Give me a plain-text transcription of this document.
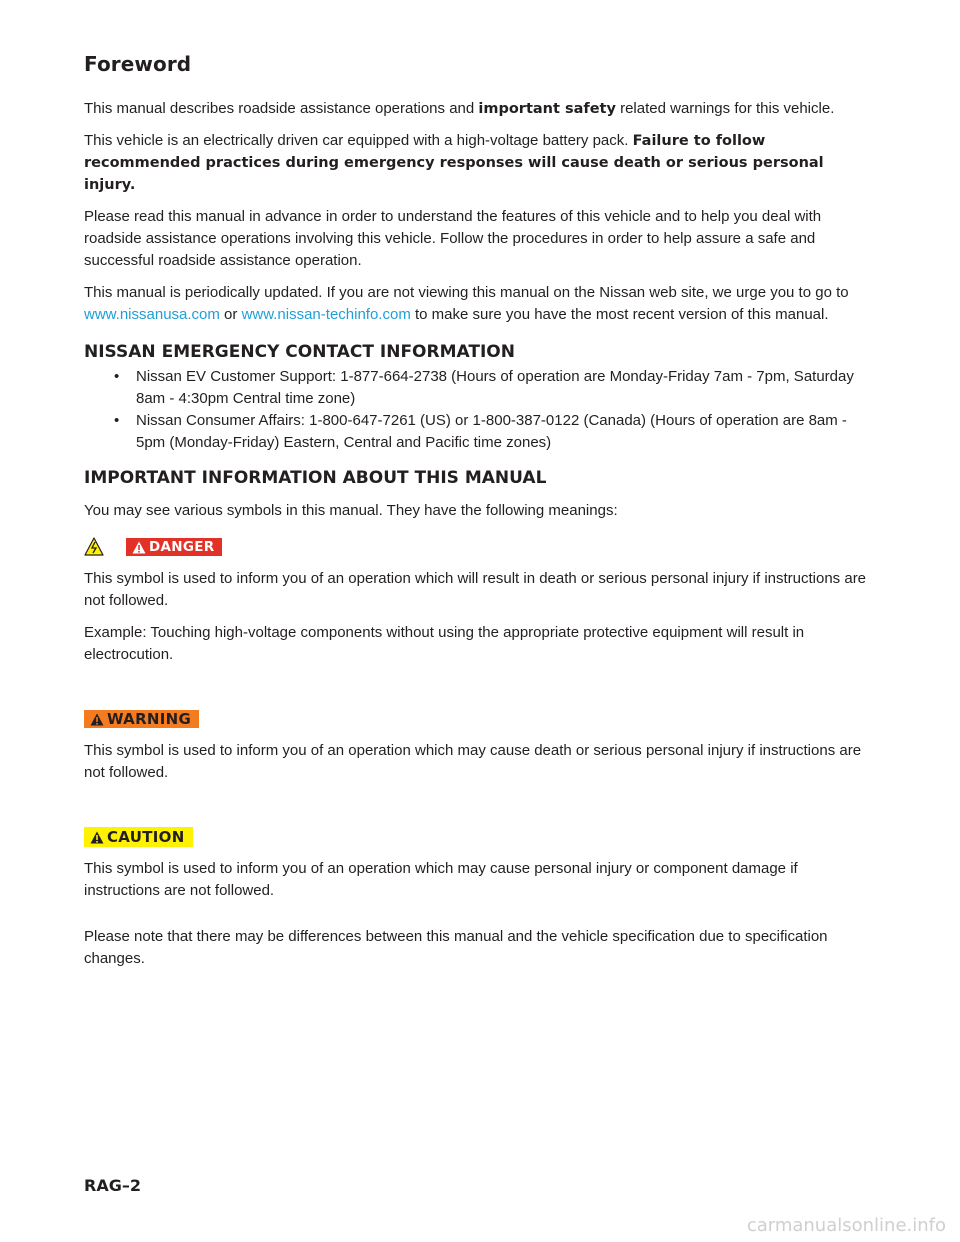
Foreword

This manual describes roadside assistance operations and important safety related warnings for this vehicle.

This vehicle is an electrically driven car equipped with a high-voltage battery pack. Failure to follow recommended practices during emergency responses will cause death or serious personal injury.

Please read this manual in advance in order to understand the features of this vehicle and to help you deal with roadside assistance operations involving this vehicle. Follow the procedures in order to help assure a safe and successful roadside assistance operation.

This manual is periodically updated. If you are not viewing this manual on the Nissan web site, we urge you to go to www.nissanusa.com or www.nissan-techinfo.com to make sure you have the most recent version of this manual.

NISSAN EMERGENCY CONTACT INFORMATION
• Nissan EV Customer Support: 1-877-664-2738 (Hours of operation are Monday-Friday 7am - 7pm, Saturday 8am - 4:30pm Central time zone)
• Nissan Consumer Affairs: 1-800-647-7261 (US) or 1-800-387-0122 (Canada) (Hours of operation are 8am - 5pm (Monday-Friday) Eastern, Central and Pacific time zones)
IMPORTANT INFORMATION ABOUT THIS MANUAL

You may see various symbols in this manual. They have the following meanings:

DANGER

This symbol is used to inform you of an operation which will result in death or serious personal injury if instructions are not followed.

Example: Touching high-voltage components without using the appropriate protective equipment will result in electrocution.

WARNING

This symbol is used to inform you of an operation which may cause death or serious personal injury if instructions are not followed.

CAUTION

This symbol is used to inform you of an operation which may cause personal injury or component damage if instructions are not followed.

Please note that there may be differences between this manual and the vehicle specification due to specification changes.

RAG–2
carmanualsonline.info
